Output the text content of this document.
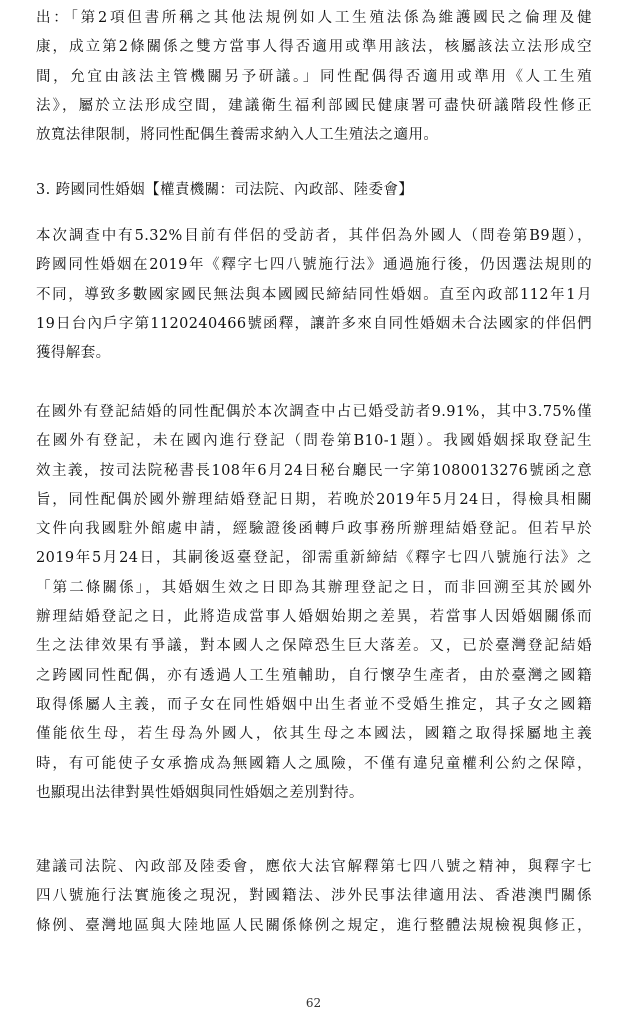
出：「第2項但書所稱之其他法規例如人工生殖法係為維護國民之倫理及健
康，成立第2條關係之雙方當事人得否適用或準用該法，核屬該法立法形成空
間，允宜由該法主管機關另予研議。」同性配偶得否適用或準用《人工生殖
法》，屬於立法形成空間，建議衛生福利部國民健康署可盡快研議階段性修正
放寬法律限制，將同性配偶生養需求納入人工生殖法之適用。

3. 跨國同性婚姻【權責機關：司法院、內政部、陸委會】

本次調查中有5.32%目前有伴侶的受訪者，其伴侶為外國人（問卷第B9題），
跨國同性婚姻在2019年《釋字七四八號施行法》通過施行後，仍因選法規則的
不同，導致多數國家國民無法與本國國民締結同性婚姻。直至內政部112年1月
19日台內戶字第1120240466號函釋，讓許多來自同性婚姻未合法國家的伴侶們
獲得解套。
在國外有登記結婚的同性配偶於本次調查中占已婚受訪者9.91%，其中3.75%僅
在國外有登記，未在國內進行登記（問卷第B10-1題）。我國婚姻採取登記生
效主義，按司法院秘書長108年6月24日秘台廳民一字第1080013276號函之意
旨，同性配偶於國外辦理結婚登記日期，若晚於2019年5月24日，得檢具相關
文件向我國駐外館處申請，經驗證後函轉戶政事務所辦理結婚登記。但若早於
2019年5月24日，其嗣後返臺登記，卻需重新締結《釋字七四八號施行法》之
「第二條關係」，其婚姻生效之日即為其辦理登記之日，而非回溯至其於國外
辦理結婚登記之日，此將造成當事人婚姻始期之差異，若當事人因婚姻關係而
生之法律效果有爭議，對本國人之保障恐生巨大落差。又，已於臺灣登記結婚
之跨國同性配偶，亦有透過人工生殖輔助，自行懷孕生產者，由於臺灣之國籍
取得係屬人主義，而子女在同性婚姻中出生者並不受婚生推定，其子女之國籍
僅能依生母，若生母為外國人，依其生母之本國法，國籍之取得採屬地主義
時，有可能使子女承擔成為無國籍人之風險，不僅有違兒童權利公約之保障，
也顯現出法律對異性婚姻與同性婚姻之差別對待。
建議司法院、內政部及陸委會，應依大法官解釋第七四八號之精神，與釋字七
四八號施行法實施後之現況，對國籍法、涉外民事法律適用法、香港澳門關係
條例、臺灣地區與大陸地區人民關係條例之規定，進行整體法規檢視與修正，
62
